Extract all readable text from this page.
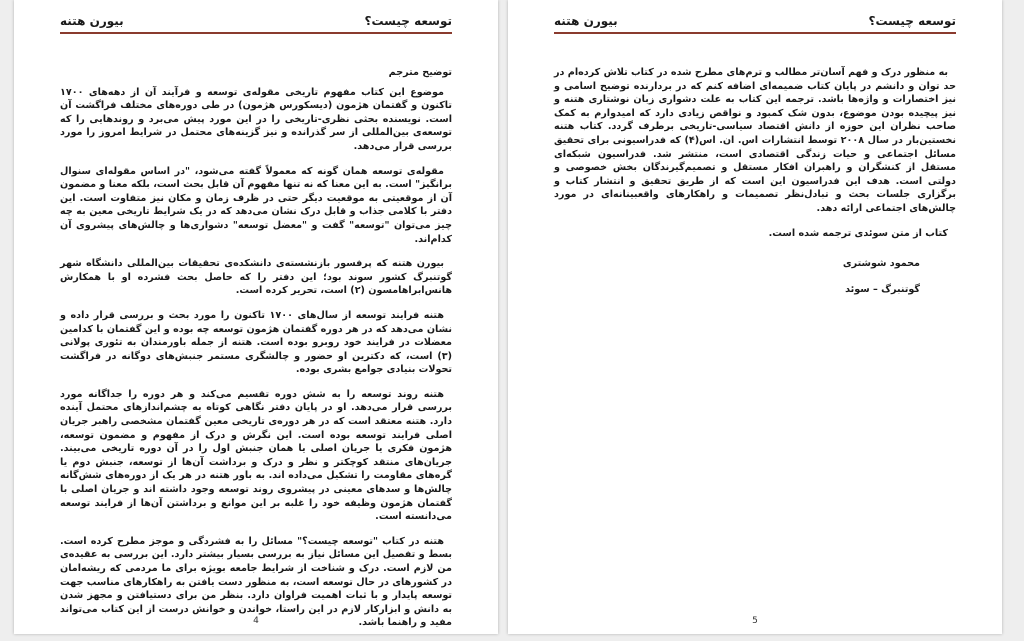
توسعه چیست؟
بیورن هتنه

توضیح مترجم

موضوع این کتاب مفهوم تاریخی مقوله‌ی توسعه و فرآیند آن از دهه‌های ۱۷۰۰ تاکنون و گفتمان هژمون (دیسکورس هژمون) در طی دوره‌های مختلف فراگشت آن است. نویسنده بحثی نظری-تاریخی را در این مورد پیش می‌برد و روندهایی را که توسعه‌ی بین‌المللی از سر گذرانده و نیز گزینه‌های محتمل در شرایط امروز را مورد بررسی قرار می‌دهد.

مقوله‌ی توسعه همان گونه که معمولاً گفته می‌شود، "در اساس مقوله‌ای سنوال برانگیز" است. به این معنا که نه تنها مفهوم آن قابل بحث است، بلکه معنا و مضمون آن از موقعیتی به موقعیت دیگر حتی در ظرف زمان و مکان نیز متفاوت است. این دفتر با کلامی جذاب و قابل درک نشان می‌دهد که در یک شرایط تاریخی معین به چه چیز می‌توان "توسعه" گفت و "معضل توسعه" دشواری‌ها و چالش‌های پیشروی آن کدام‌اند.

بیورن هتنه که پرفسور بازنشسته‌ی دانشکده‌ی تحقیقات بین‌المللی دانشگاه شهر گوتنبرگ کشور سوند بود؛ این دفتر را که حاصل بحث فشرده او با همکارش هانس‌ابراهامسون (۲) است، تحریر کرده است.

هتنه فرایند توسعه از سال‌های ۱۷۰۰ تاکنون را مورد بحث و بررسی قرار داده و نشان می‌دهد که در هر دوره گفتمان هژمون توسعه چه بوده و این گفتمان با کدامین معضلات در فرایند خود روبرو بوده است. هتنه از جمله باورمندان به تئوری پولانی (۳) است، که دکترین او حضور و چالشگری مستمر جنبش‌های دوگانه در فراگشت تحولات بنیادی جوامع بشری بوده.

هتنه روند توسعه را به شش دوره تقسیم می‌کند و هر دوره را جداگانه مورد بررسی قرار می‌دهد. او در پایان دفتر نگاهی کوتاه به چشم‌اندازهای محتمل آینده دارد. هتنه معتقد است که در هر دوره‌ی تاریخی معین گفتمان مشخصی راهبر جریان اصلی فرایند توسعه بوده است. این نگرش و درک از مفهوم و مضمون توسعه، هژمون فکری یا جریان اصلی یا همان جنبش اول را در آن دوره تاریخی می‌بیند. جریان‌های منتقد کوچکتر و نظر و درک و برداشت آن‌ها از توسعه، جنبش دوم یا گره‌های مقاومت را تشکیل می‌داده اند. به باور هتنه در هر یک از دوره‌های شش‌گانه چالش‌ها و سدهای معینی در پیشروی روند توسعه وجود داشته اند و جریان اصلی با گفتمان هژمون وظیفه خود را غلبه بر این موانع و برداشتن آن‌ها از فرایند توسعه می‌دانسته است.

هتنه در کتاب "توسعه چیست؟" مسائل را به فشردگی و موجز مطرح کرده است. بسط و تفصیل این مسائل نیاز به بررسی بسیار بیشتر دارد. این بررسی به عقیده‌ی من لازم است. درک و شناخت از شرایط جامعه بویژه برای ما مردمی که ریشه‌امان در کشورهای در حال توسعه است، به منظور دست یافتن به راهکارهای مناسب جهت توسعه پایدار و با ثبات اهمیت فراوان دارد. بنظر من برای دستیافتن و مجهز شدن به دانش و ابزارکار لازم در این راستا، خواندن و خوانش درست از این کتاب می‌تواند مفید و راهنما باشد.

4
توسعه چیست؟
بیورن هتنه

به منظور درک و فهم آسان‌تر مطالب و ترم‌های مطرح شده در کتاب تلاش کرده‌ام در حد توان و دانشم در پایان کتاب ضمیمه‌ای اضافه کنم که در بردارنده توضیح اسامی و نیز اختصارات و واژه‌ها باشد. ترجمه این کتاب به علت دشواری زبان نوشتاری هتنه و نیز پیچیده بودن موضوع، بدون شک کمبود و نواقص زیادی دارد که امیدوارم به کمک صاحب نظران این حوزه از دانش اقتصاد سیاسی-تاریخی برطرف گردد. کتاب هتنه نخستین‌بار در سال ۲۰۰۸ توسط انتشارات اس. ان. اس(۴) که فدراسیونی برای تحقیق مسائل اجتماعی و حیات زندگی اقتصادی است، منتشر شد. فدراسیون شبکه‌ای مستقل از کنشگران و راهبران افکار مستقل و تصمیم‌گیرندگان بخش خصوصی و دولتی است. هدف این فدراسیون این است که از طریق تحقیق و انتشار کتاب و برگزاری جلسات بحث و تبادل‌نظر تصمیمات و راهکارهای واقعبینانه‌ای در مورد چالش‌های اجتماعی ارائه دهد.

کتاب از متن سوئدی ترجمه شده است.

محمود شوشتری

گوتنبرگ – سوئد

5
